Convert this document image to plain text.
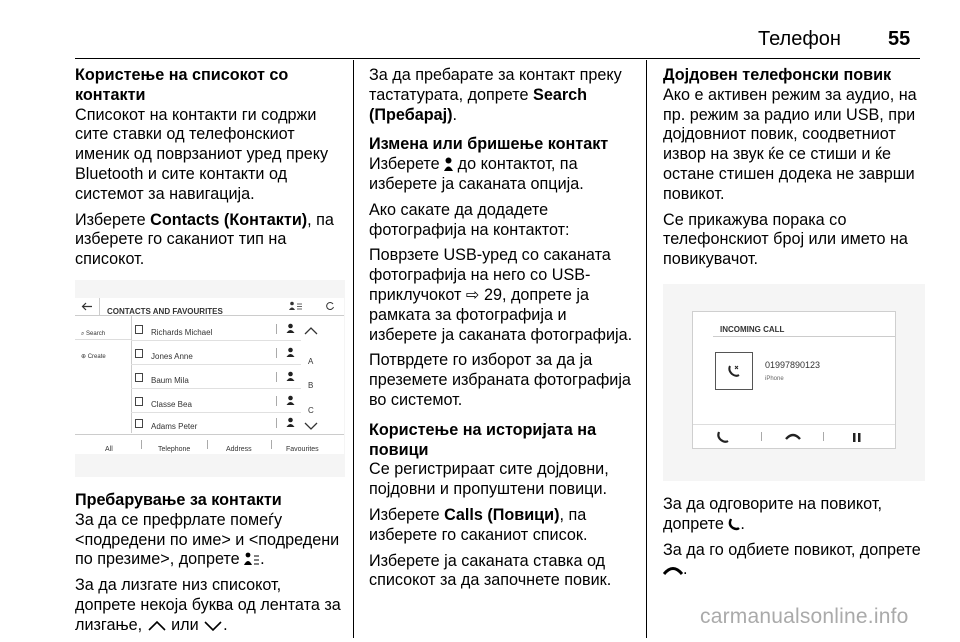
Телефон 55
Користење на списокот со контакти

Списокот на контакти ги содржи сите ставки од телефонскиот именик од поврзаниот уред преку Bluetooth и сите контакти од системот за навигација.

Изберете Contacts (Контакти), па изберете го саканиот тип на списокот.

CONTACTS AND FAVOURITES
⌕ Search
⊕ Create
Richards Michael
Jones Anne
Baum Mila
Classe Bea
Adams Peter
A
B
C
All	Telephone	Address	Favourites
Пребарување за контакти

За да се префрлате помеѓу <подредени по име> и <подредени по презиме>, допрете .

За да лизгате низ списокот, допрете некоја буква од лентата за лизгање,  или .

За да пребарате за контакт преку тастатурата, допрете Search (Пребарај).

Измена или бришење контакт

Изберете  до контактот, па изберете ја саканата опција.

Ако сакате да додадете фотографија на контактот:

Поврзете USB-уред со саканата фотографија на него со USB-приклучокот ⇨ 29, допрете ја рамката за фотографија и изберете ја саканата фотографија.

Потврдете го изборот за да ја преземете избраната фотографија во системот.

Користење на историјата на повици

Се регистрираат сите дојдовни, појдовни и пропуштени повици.

Изберете Calls (Повици), па изберете го саканиот список.

Изберете ја саканата ставка од списокот за да започнете повик.

Дојдовен телефонски повик

Ако е активен режим за аудио, на пр. режим за радио или USB, при дојдовниот повик, соодветниот извор на звук ќе се стиши и ќе остане стишен додека не заврши повикот.

Се прикажува порака со телефонскиот број или името на повикувачот.

INCOMING CALL
01997890123
iPhone

За да одговорите на повикот, допрете .

За да го одбиете повикот, допрете
.

carmanualsonline.info
